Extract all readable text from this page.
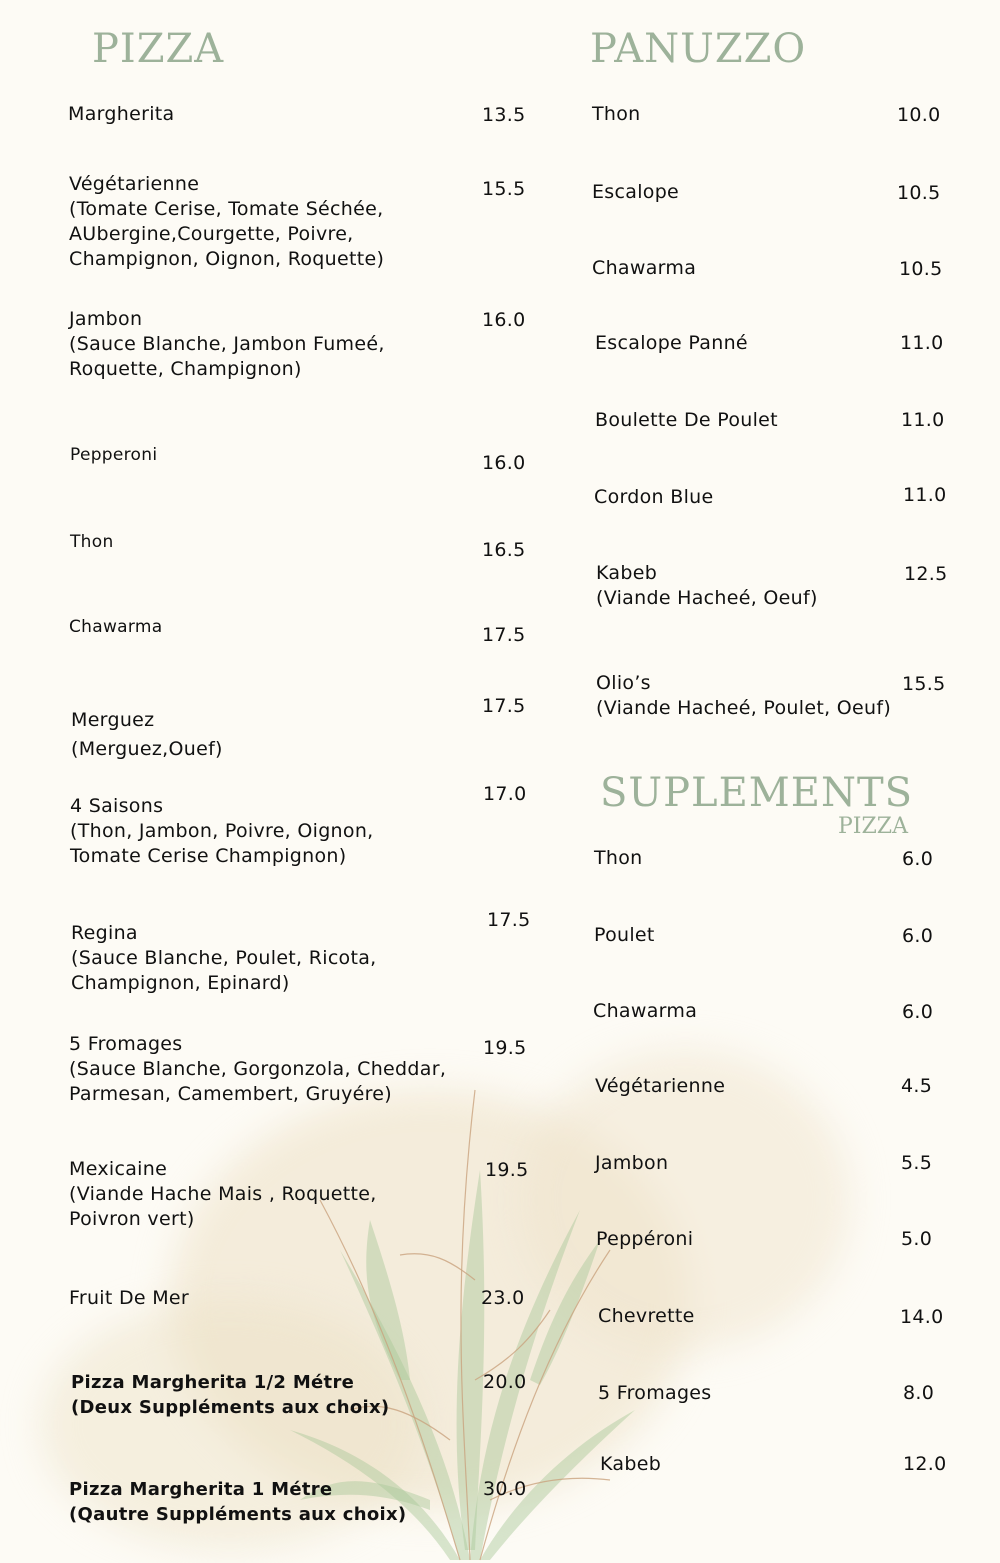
PIZZA
Margherita	13.5
Végétarienne
(Tomate Cerise, Tomate Séchée,
AUbergine,Courgette, Poivre,
Champignon, Oignon, Roquette)
15.5
Jambon
(Sauce Blanche, Jambon Fumeé,
Roquette, Champignon)
16.0
Pepperoni	16.0
Thon	16.5
Chawarma	17.5
Merguez
(Merguez,Ouef)
17.5
4 Saisons
(Thon, Jambon, Poivre, Oignon,
Tomate Cerise Champignon)
17.0
Regina
(Sauce Blanche, Poulet, Ricota,
Champignon, Epinard)
17.5
5 Fromages
(Sauce Blanche, Gorgonzola, Cheddar,
Parmesan, Camembert, Gruyére)
19.5
Mexicaine
(Viande Hache Mais , Roquette,
Poivron vert)
19.5
Fruit De Mer	23.0
Pizza Margherita 1/2 Métre
(Deux Suppléments aux choix)
20.0
Pizza Margherita 1 Métre
(Qautre Suppléments aux choix)
30.0
PANUZZO
Thon	10.0
Escalope	10.5
Chawarma	10.5
Escalope Panné	11.0
Boulette De Poulet	11.0
Cordon Blue	11.0
Kabeb
(Viande Hacheé, Oeuf)
12.5
Olio’s
(Viande Hacheé, Poulet, Oeuf)
15.5
SUPLEMENTS
PIZZA
Thon	6.0
Poulet	6.0
Chawarma	6.0
Végétarienne	4.5
Jambon	5.5
Peppéroni	5.0
Chevrette	14.0
5 Fromages	8.0
Kabeb	12.0
